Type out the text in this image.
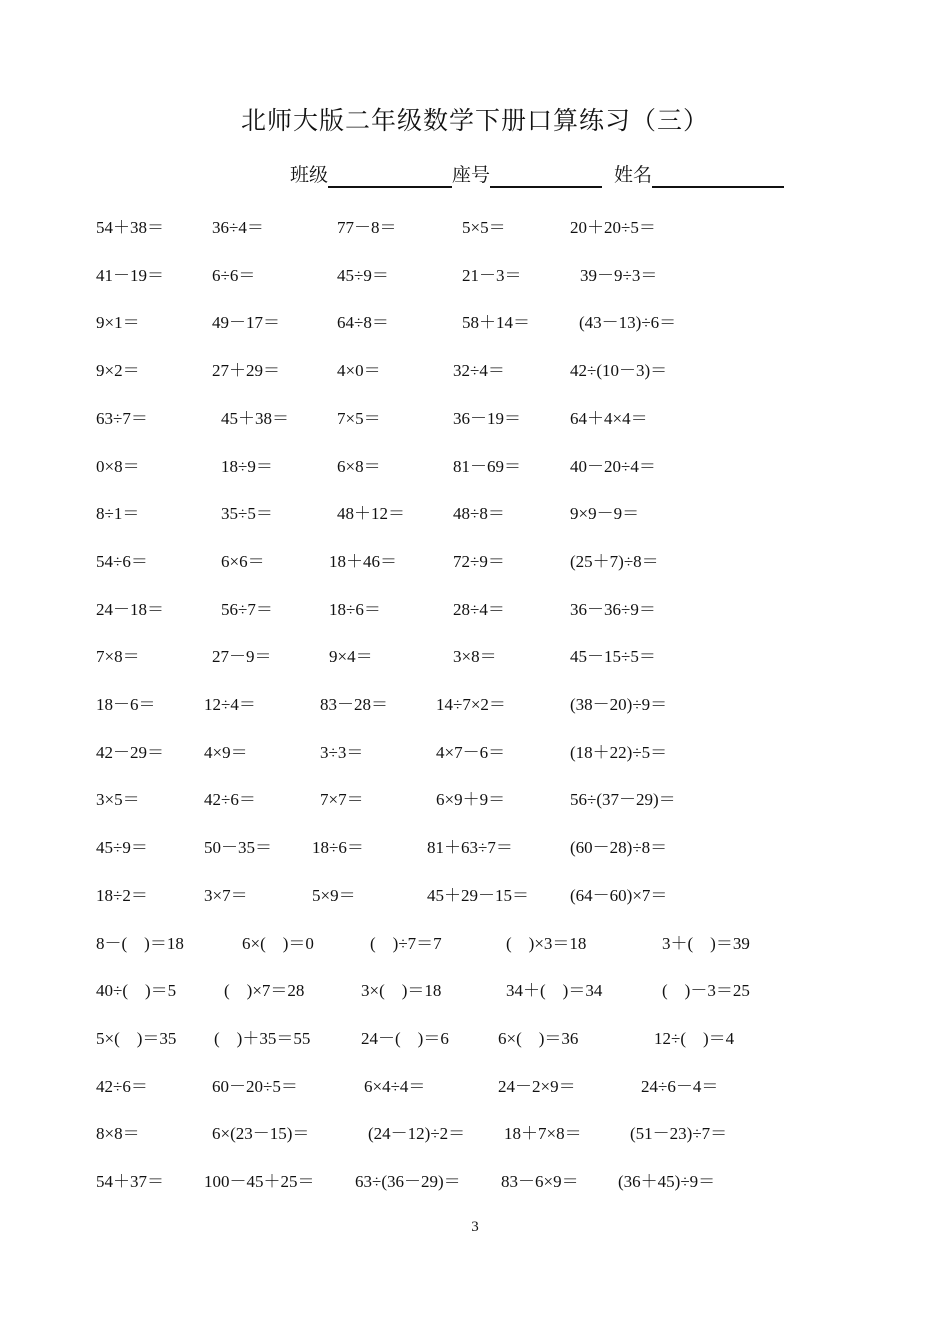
北师大版二年级数学下册口算练习（三）
班级	座号	姓名
54＋38＝	36÷4＝	77－8＝	5×5＝	20＋20÷5＝
41－19＝	6÷6＝	45÷9＝	21－3＝	39－9÷3＝
9×1＝	49－17＝	64÷8＝	58＋14＝	(43－13)÷6＝
9×2＝	27＋29＝	4×0＝	32÷4＝	42÷(10－3)＝
63÷7＝	45＋38＝	7×5＝	36－19＝	64＋4×4＝
0×8＝	18÷9＝	6×8＝	81－69＝	40－20÷4＝
8÷1＝	35÷5＝	48＋12＝	48÷8＝	9×9－9＝
54÷6＝	6×6＝	18＋46＝	72÷9＝	(25＋7)÷8＝
24－18＝	56÷7＝	18÷6＝	28÷4＝	36－36÷9＝
7×8＝	27－9＝	9×4＝	3×8＝	45－15÷5＝
18－6＝	12÷4＝	83－28＝	14÷7×2＝	(38－20)÷9＝
42－29＝ 4×9＝	3÷3＝	4×7－6＝	(18＋22)÷5＝
3×5＝	42÷6＝	7×7＝	6×9＋9＝	56÷(37－29)＝
45÷9＝	50－35＝ 18÷6＝	81＋63÷7＝	(60－28)÷8＝
18÷2＝	3×7＝	5×9＝	45＋29－15＝ (64－60)×7＝
8－(　)＝18	6×(　)＝0	(　)÷7＝7	(　)×3＝18	3＋(　)＝39
40÷(　)＝5	(　)×7＝28	3×(　)＝18	34＋(　)＝34	(　)－3＝25
5×(　)＝35 (　)＋35＝55	24－(　)＝6	6×(　)＝36	12÷(　)＝4
42÷6＝	60－20÷5＝	6×4÷4＝	24－2×9＝	24÷6－4＝
8×8＝	6×(23－15)＝	(24－12)÷2＝ 18＋7×8＝	(51－23)÷7＝
54＋37＝ 100－45＋25＝ 63÷(36－29)＝ 83－6×9＝ (36＋45)÷9＝
3
